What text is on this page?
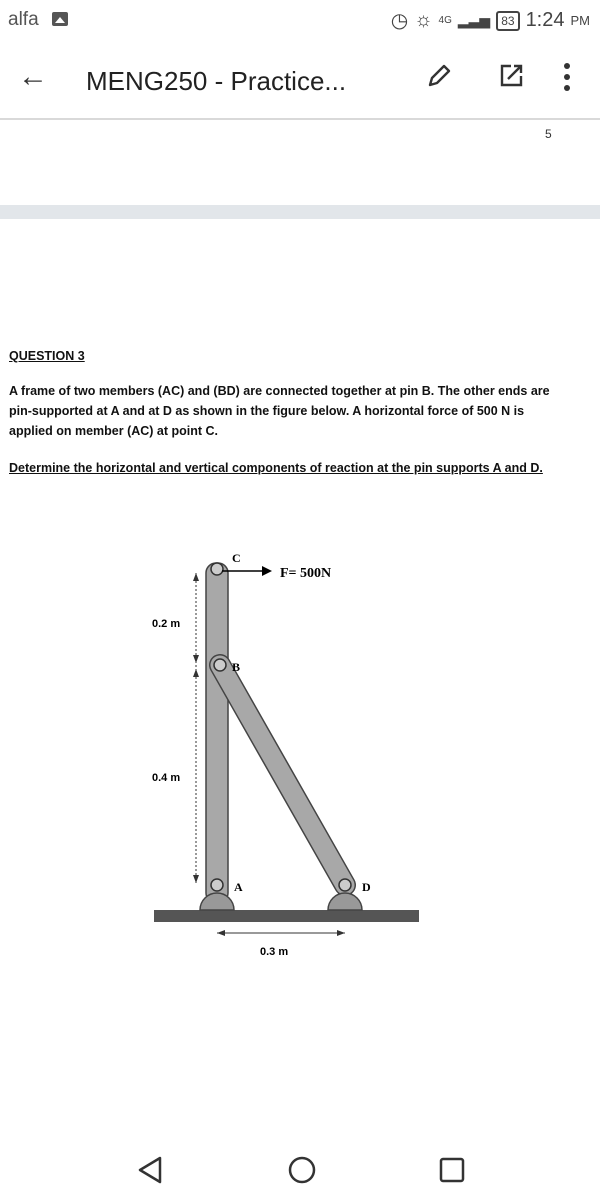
alfa	◷ ☼ 4G ▂▃▅ 83 1:24 PM
← MENG250 - Practice...
5
QUESTION 3
A frame of two members (AC) and (BD) are connected together at pin B. The other ends are pin-supported at A and at D as shown in the figure below. A horizontal force of 500 N is applied on member (AC) at point C.
Determine the horizontal and vertical components of reaction at the pin supports A and D.
C
F= 500N
B
A	D
0.2 m
0.4 m
0.3 m
